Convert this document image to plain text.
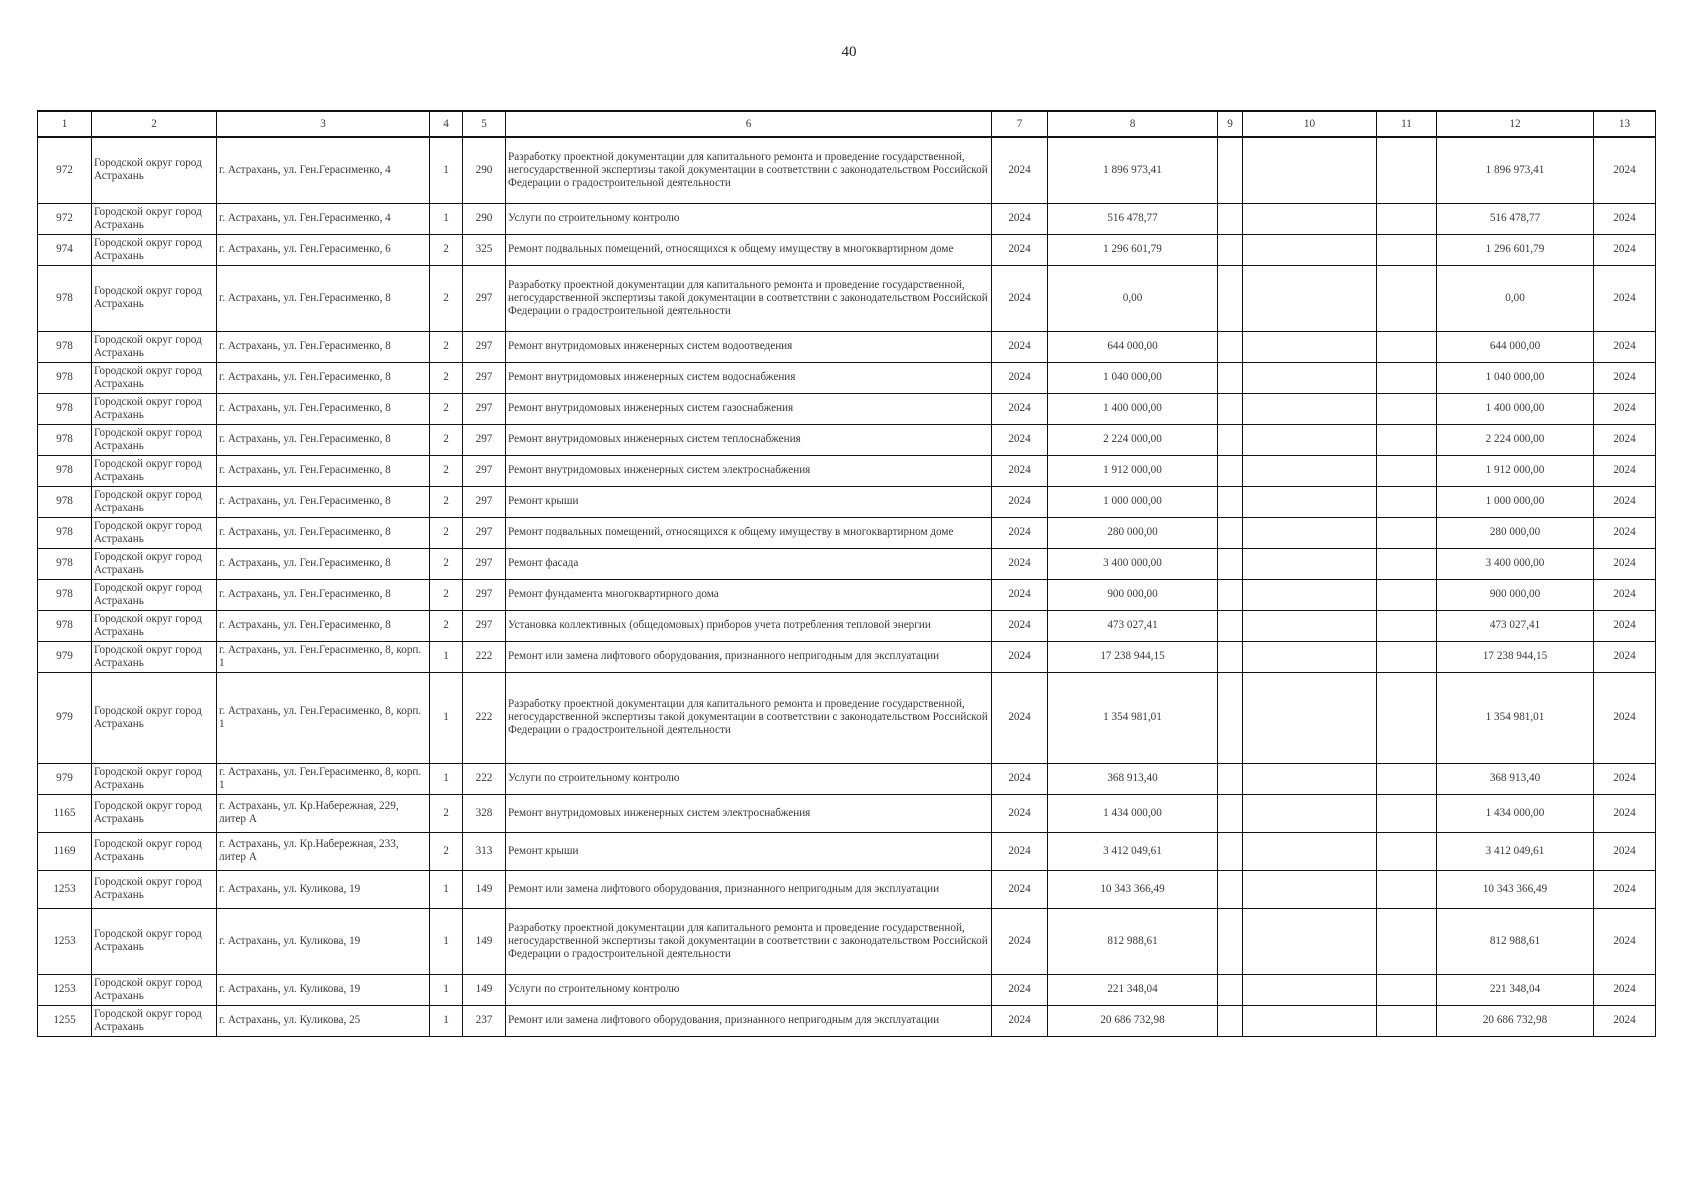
40
1	2	3	4	5	6	7	8	9	10	11	12	13
972	Городской округ город Астрахань	г. Астрахань, ул. Ген.Герасименко, 4	1	290	Разработку проектной документации для капитального ремонта и проведение государственной, негосударственной экспертизы такой документации в соответствии с законодательством Российской Федерации о градостроительной деятельности	2024	1 896 973,41				1 896 973,41	2024
972	Городской округ город Астрахань	г. Астрахань, ул. Ген.Герасименко, 4	1	290	Услуги по строительному контролю	2024	516 478,77				516 478,77	2024
974	Городской округ город Астрахань	г. Астрахань, ул. Ген.Герасименко, 6	2	325	Ремонт подвальных помещений, относящихся к общему имуществу в многоквартирном доме	2024	1 296 601,79				1 296 601,79	2024
978	Городской округ город Астрахань	г. Астрахань, ул. Ген.Герасименко, 8	2	297	Разработку проектной документации для капитального ремонта и проведение государственной, негосударственной экспертизы такой документации в соответствии с законодательством Российской Федерации о градостроительной деятельности	2024	0,00				0,00	2024
978	Городской округ город Астрахань	г. Астрахань, ул. Ген.Герасименко, 8	2	297	Ремонт внутридомовых инженерных систем водоотведения	2024	644 000,00				644 000,00	2024
978	Городской округ город Астрахань	г. Астрахань, ул. Ген.Герасименко, 8	2	297	Ремонт внутридомовых инженерных систем водоснабжения	2024	1 040 000,00				1 040 000,00	2024
978	Городской округ город Астрахань	г. Астрахань, ул. Ген.Герасименко, 8	2	297	Ремонт внутридомовых инженерных систем газоснабжения	2024	1 400 000,00				1 400 000,00	2024
978	Городской округ город Астрахань	г. Астрахань, ул. Ген.Герасименко, 8	2	297	Ремонт внутридомовых инженерных систем теплоснабжения	2024	2 224 000,00				2 224 000,00	2024
978	Городской округ город Астрахань	г. Астрахань, ул. Ген.Герасименко, 8	2	297	Ремонт внутридомовых инженерных систем электроснабжения	2024	1 912 000,00				1 912 000,00	2024
978	Городской округ город Астрахань	г. Астрахань, ул. Ген.Герасименко, 8	2	297	Ремонт крыши	2024	1 000 000,00				1 000 000,00	2024
978	Городской округ город Астрахань	г. Астрахань, ул. Ген.Герасименко, 8	2	297	Ремонт подвальных помещений, относящихся к общему имуществу в многоквартирном доме	2024	280 000,00				280 000,00	2024
978	Городской округ город Астрахань	г. Астрахань, ул. Ген.Герасименко, 8	2	297	Ремонт фасада	2024	3 400 000,00				3 400 000,00	2024
978	Городской округ город Астрахань	г. Астрахань, ул. Ген.Герасименко, 8	2	297	Ремонт фундамента многоквартирного дома	2024	900 000,00				900 000,00	2024
978	Городской округ город Астрахань	г. Астрахань, ул. Ген.Герасименко, 8	2	297	Установка коллективных (общедомовых) приборов учета потребления тепловой энергии	2024	473 027,41				473 027,41	2024
979	Городской округ город Астрахань	г. Астрахань, ул. Ген.Герасименко, 8, корп. 1	1	222	Ремонт или замена лифтового оборудования, признанного непригодным для эксплуатации	2024	17 238 944,15				17 238 944,15	2024
979	Городской округ город Астрахань	г. Астрахань, ул. Ген.Герасименко, 8, корп. 1	1	222	Разработку проектной документации для капитального ремонта и проведение государственной, негосударственной экспертизы такой документации в соответствии с законодательством Российской Федерации о градостроительной деятельности	2024	1 354 981,01				1 354 981,01	2024
979	Городской округ город Астрахань	г. Астрахань, ул. Ген.Герасименко, 8, корп. 1	1	222	Услуги по строительному контролю	2024	368 913,40				368 913,40	2024
1165	Городской округ город Астрахань	г. Астрахань, ул. Кр.Набережная, 229, литер А	2	328	Ремонт внутридомовых инженерных систем электроснабжения	2024	1 434 000,00				1 434 000,00	2024
1169	Городской округ город Астрахань	г. Астрахань, ул. Кр.Набережная, 233, литер А	2	313	Ремонт крыши	2024	3 412 049,61				3 412 049,61	2024
1253	Городской округ город Астрахань	г. Астрахань, ул. Куликова, 19	1	149	Ремонт или замена лифтового оборудования, признанного непригодным для эксплуатации	2024	10 343 366,49				10 343 366,49	2024
1253	Городской округ город Астрахань	г. Астрахань, ул. Куликова, 19	1	149	Разработку проектной документации для капитального ремонта и проведение государственной, негосударственной экспертизы такой документации в соответствии с законодательством Российской Федерации о градостроительной деятельности	2024	812 988,61				812 988,61	2024
1253	Городской округ город Астрахань	г. Астрахань, ул. Куликова, 19	1	149	Услуги по строительному контролю	2024	221 348,04				221 348,04	2024
1255	Городской округ город Астрахань	г. Астрахань, ул. Куликова, 25	1	237	Ремонт или замена лифтового оборудования, признанного непригодным для эксплуатации	2024	20 686 732,98				20 686 732,98	2024
